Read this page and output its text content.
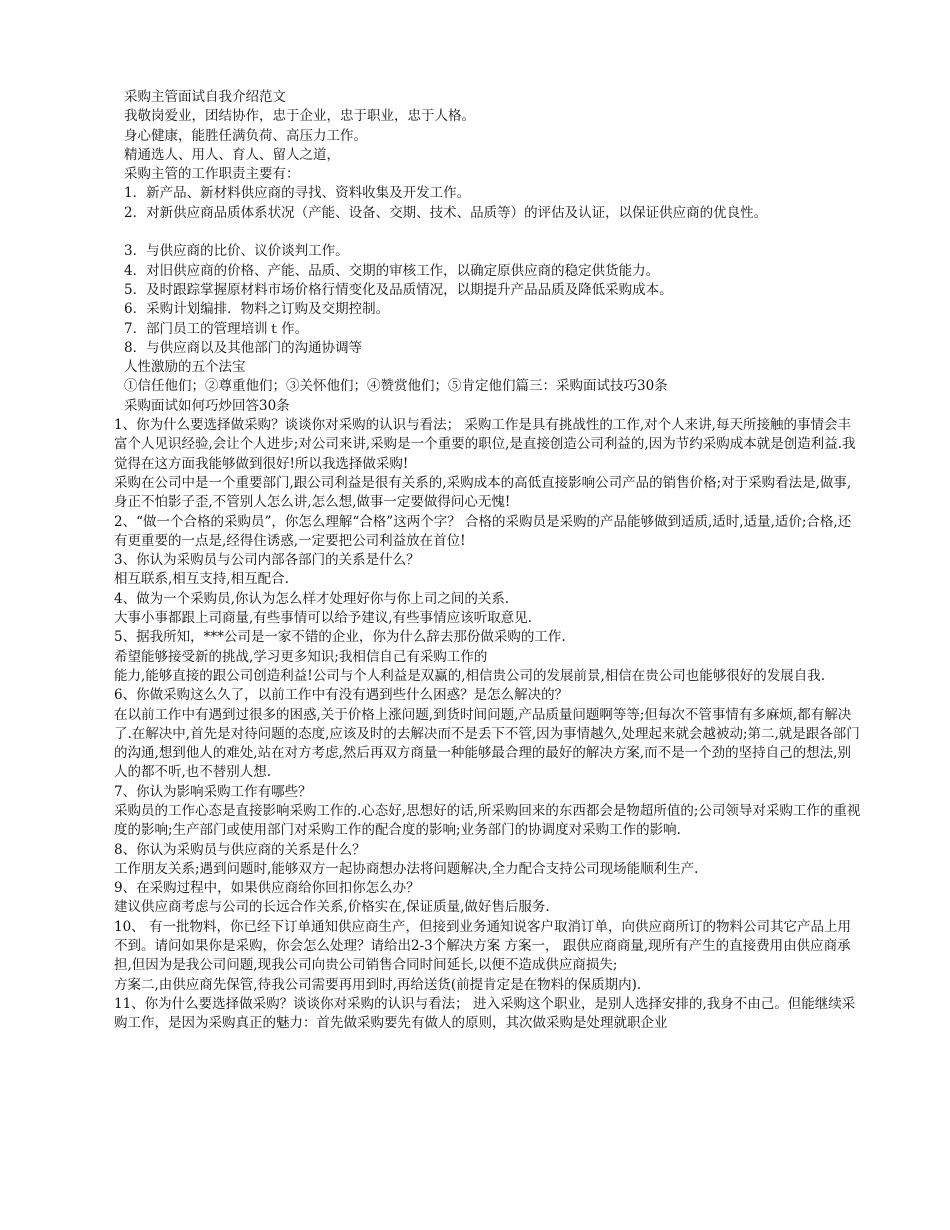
采购主管面试自我介绍范文

我敬岗爱业，团结协作，忠于企业，忠于职业，忠于人格。

身心健康，能胜任满负荷、高压力工作。

精通选人、用人、育人、留人之道，

采购主管的工作职责主要有：

1．新产品、新材料供应商的寻找、资料收集及开发工作。

2．对新供应商品质体系状况（产能、设备、交期、技术、品质等）的评估及认证，以保证供应商的优良性。

3．与供应商的比价、议价谈判工作。

4．对旧供应商的价格、产能、品质、交期的审核工作，以确定原供应商的稳定供货能力。

5．及时跟踪掌握原材料市场价格行情变化及品质情况，以期提升产品品质及降低采购成本。

6．采购计划编排．物料之订购及交期控制。

7．部门员工的管理培训ｔ作。

8．与供应商以及其他部门的沟通协调等

人性激励的五个法宝

①信任他们；②尊重他们；③关怀他们；④赞赏他们；⑤肯定他们篇三：采购面试技巧30条

采购面试如何巧炒回答30条

1、你为什么要选择做采购？谈谈你对采购的认识与看法； 采购工作是具有挑战性的工作,对个人来讲,每天所接触的事情会丰富个人见识经验,会让个人进步;对公司来讲,采购是一个重要的职位,是直接创造公司利益的,因为节约采购成本就是创造利益.我觉得在这方面我能够做到很好!所以我选择做采购!

采购在公司中是一个重要部门,跟公司利益是很有关系的,采购成本的高低直接影响公司产品的销售价格;对于采购看法是,做事,身正不怕影子歪,不管别人怎么讲,怎么想,做事一定要做得问心无愧!

2、“做一个合格的采购员”，你怎么理解“合格”这两个字？ 合格的采购员是采购的产品能够做到适质,适时,适量,适价;合格,还有更重要的一点是,经得住诱惑,一定要把公司利益放在首位!

3、你认为采购员与公司内部各部门的关系是什么？

相互联系,相互支持,相互配合.

4、做为一个采购员,你认为怎么样才处理好你与你上司之间的关系.

大事小事都跟上司商量,有些事情可以给予建议,有些事情应该听取意见.

5、据我所知，***公司是一家不错的企业，你为什么辞去那份做采购的工作.

希望能够接受新的挑战,学习更多知识;我相信自己有采购工作的

能力,能够直接的跟公司创造利益!公司与个人利益是双赢的,相信贵公司的发展前景,相信在贵公司也能够很好的发展自我.

6、你做采购这么久了，以前工作中有没有遇到些什么困惑？是怎么解决的？

在以前工作中有遇到过很多的困惑,关于价格上涨问题,到货时间问题,产品质量问题啊等等;但每次不管事情有多麻烦,都有解决了.在解决中,首先是对待问题的态度,应该及时的去解决而不是丢下不管,因为事情越久,处理起来就会越被动;第二,就是跟各部门的沟通,想到他人的难处,站在对方考虑,然后再双方商量一种能够最合理的最好的解决方案,而不是一个劲的坚持自己的想法,别人的都不听,也不替别人想.

7、你认为影响采购工作有哪些？

采购员的工作心态是直接影响采购工作的.心态好,思想好的话,所采购回来的东西都会是物超所值的;公司领导对采购工作的重视度的影响;生产部门或使用部门对采购工作的配合度的影响;业务部门的协调度对采购工作的影响.

8、你认为采购员与供应商的关系是什么？

工作朋友关系;遇到问题时,能够双方一起协商想办法将问题解决,全力配合支持公司现场能顺利生产.

9、在采购过程中，如果供应商给你回扣你怎么办？

建议供应商考虑与公司的长远合作关系,价格实在,保证质量,做好售后服务.

10、 有一批物料，你已经下订单通知供应商生产，但接到业务通知说客户取消订单，向供应商所订的物料公司其它产品上用不到。请问如果你是采购，你会怎么处理？请给出2-3个解决方案 方案一， 跟供应商商量,现所有产生的直接费用由供应商承担,但因为是我公司问题,现我公司向贵公司销售合同时间延长,以便不造成供应商损失;

方案二,由供应商先保管,待我公司需要再用到时,再给送货(前提肯定是在物料的保质期内).

11、你为什么要选择做采购？谈谈你对采购的认识与看法； 进入采购这个职业，是别人选择安排的,我身不由己。但能继续采购工作，是因为采购真正的魅力：首先做采购要先有做人的原则，其次做采购是处理就职企业
